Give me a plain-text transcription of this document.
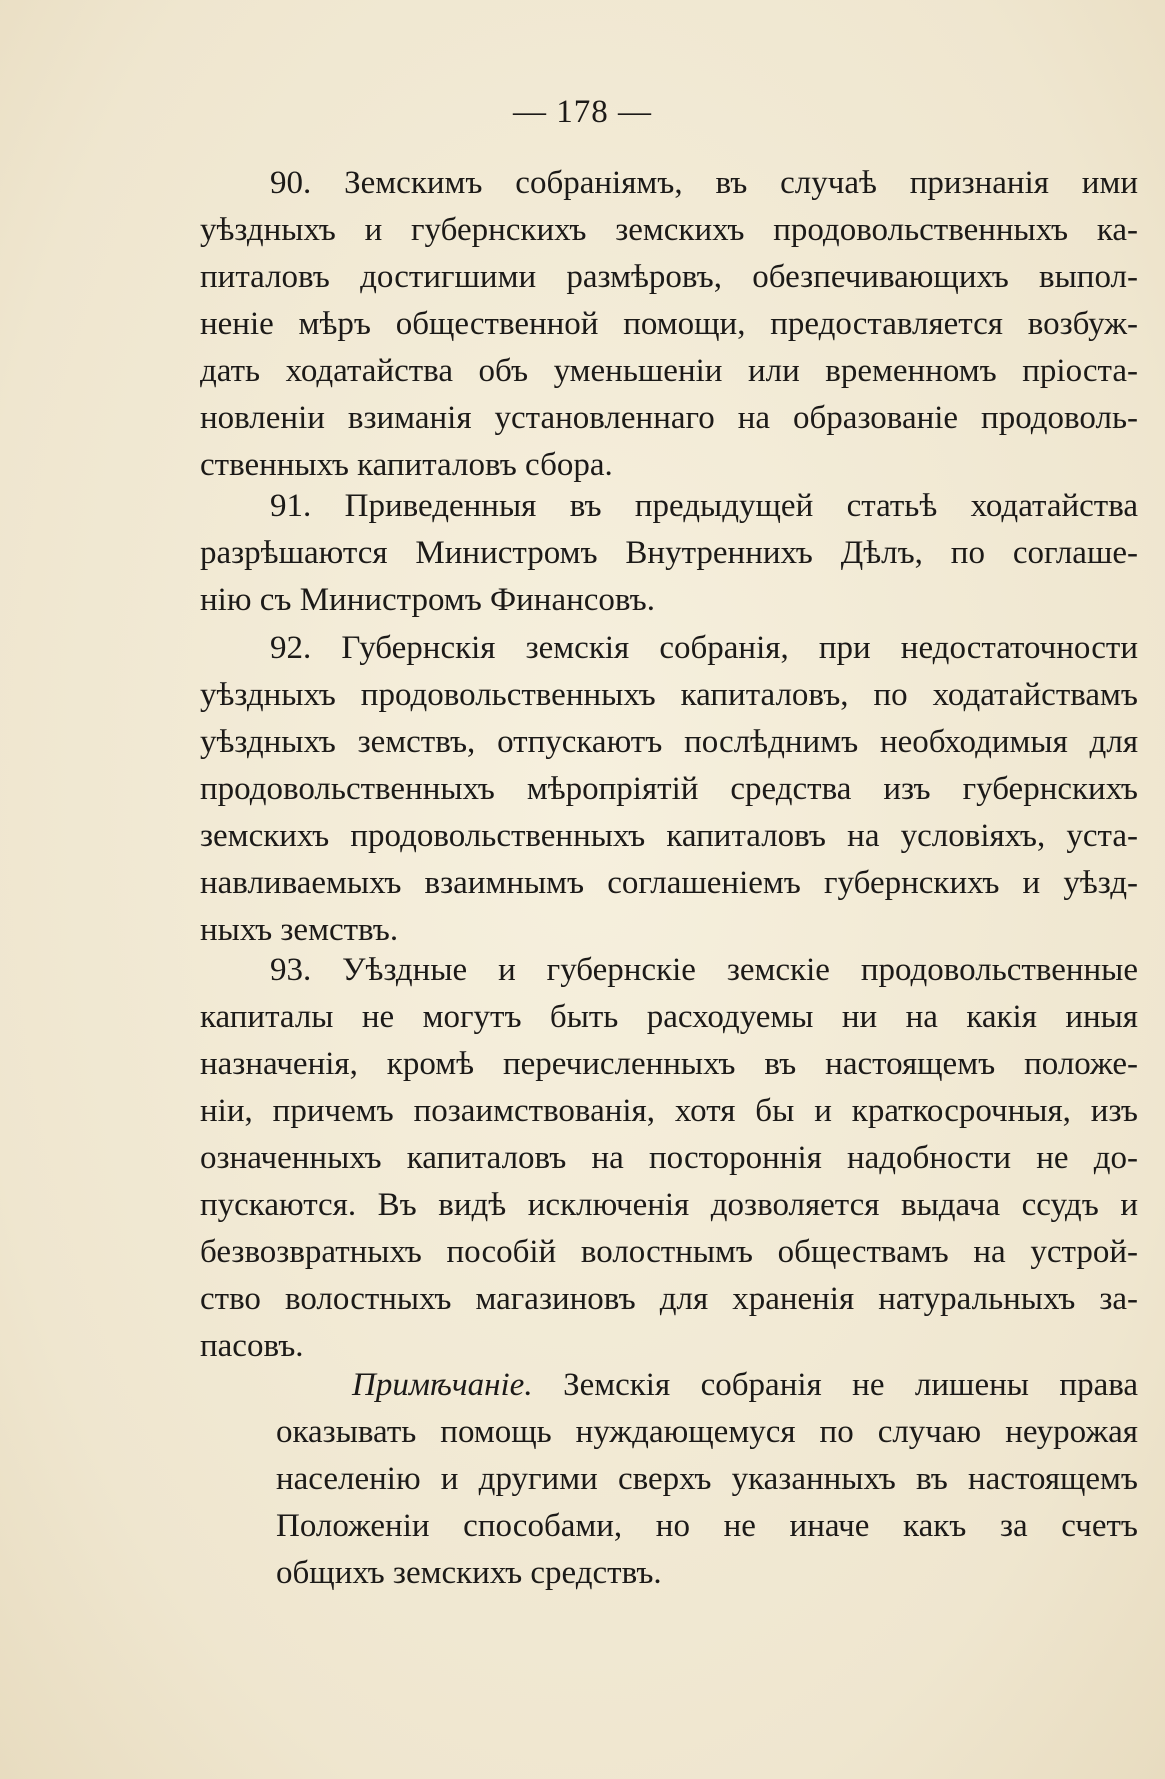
— 178 —
90. Земскимъ собраніямъ, въ случаѣ признанія ими
уѣздныхъ и губернскихъ земскихъ продовольственныхъ ка-
питаловъ достигшими размѣровъ, обезпечивающихъ выпол-
неніе мѣръ общественной помощи, предоставляется возбуж-
дать ходатайства объ уменьшеніи или временномъ пріоста-
новленіи взиманія установленнаго на образованіе продоволь-
ственныхъ капиталовъ сбора.
91. Приведенныя въ предыдущей статьѣ ходатайства
разрѣшаются Министромъ Внутреннихъ Дѣлъ, по соглаше-
нію съ Министромъ Финансовъ.
92. Губернскія земскія собранія, при недостаточности
уѣздныхъ продовольственныхъ капиталовъ, по ходатайствамъ
уѣздныхъ земствъ, отпускаютъ послѣднимъ необходимыя для
продовольственныхъ мѣропріятій средства изъ губернскихъ
земскихъ продовольственныхъ капиталовъ на условіяхъ, уста-
навливаемыхъ взаимнымъ соглашеніемъ губернскихъ и уѣзд-
ныхъ земствъ.
93. Уѣздные и губернскіе земскіе продовольственные
капиталы не могутъ быть расходуемы ни на какія иныя
назначенія, кромѣ перечисленныхъ въ настоящемъ положе-
ніи, причемъ позаимствованія, хотя бы и краткосрочныя, изъ
означенныхъ капиталовъ на постороннія надобности не до-
пускаются. Въ видѣ исключенія дозволяется выдача ссудъ и
безвозвратныхъ пособій волостнымъ обществамъ на устрой-
ство волостныхъ магазиновъ для храненія натуральныхъ за-
пасовъ.
Примѣчаніе. Земскія собранія не лишены права
оказывать помощь нуждающемуся по случаю неурожая
населенію и другими сверхъ указанныхъ въ настоящемъ
Положеніи способами, но не иначе какъ за счетъ
общихъ земскихъ средствъ.
